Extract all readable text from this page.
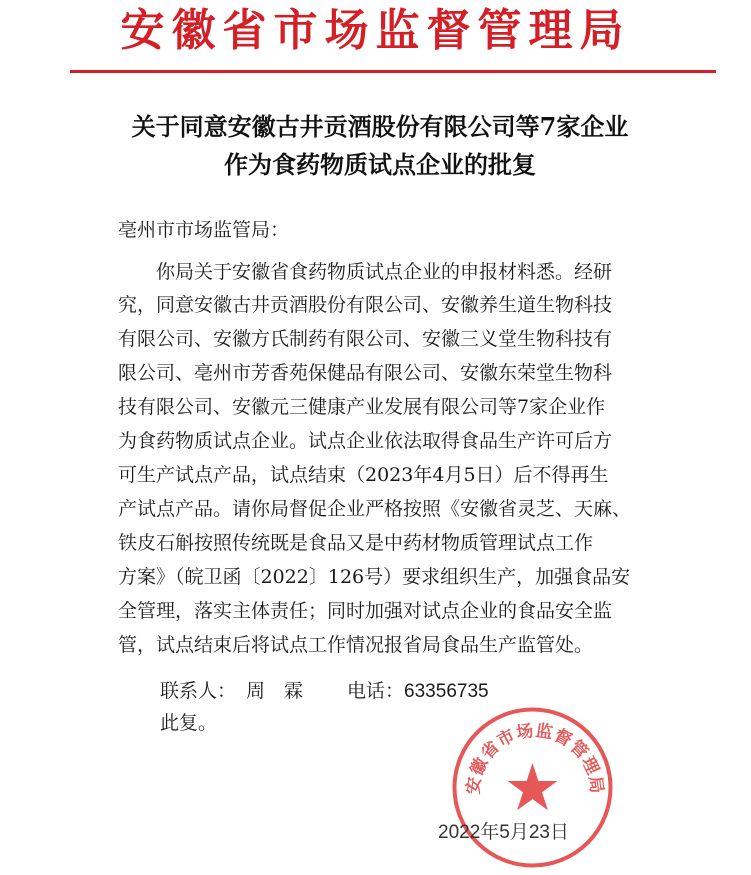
安徽省市场监督管理局
关于同意安徽古井贡酒股份有限公司等7家企业
作为食药物质试点企业的批复
亳州市市场监管局：
　　你局关于安徽省食药物质试点企业的申报材料悉。经研
究，同意安徽古井贡酒股份有限公司、安徽养生道生物科技
有限公司、安徽方氏制药有限公司、安徽三义堂生物科技有
限公司、亳州市芳香苑保健品有限公司、安徽东荣堂生物科
技有限公司、安徽元三健康产业发展有限公司等7家企业作
为食药物质试点企业。试点企业依法取得食品生产许可后方
可生产试点产品，试点结束（2023年4月5日）后不得再生
产试点产品。请你局督促企业严格按照《安徽省灵芝、天麻、
铁皮石斛按照传统既是食品又是中药材物质管理试点工作
方案》（皖卫函〔2022〕126号）要求组织生产，加强食品安
全管理，落实主体责任；同时加强对试点企业的食品安全监
管，试点结束后将试点工作情况报省局食品生产监管处。
联系人： 周　霖 电话：63356735
此复。
安徽省市场监督管理局
2022年5月23日
